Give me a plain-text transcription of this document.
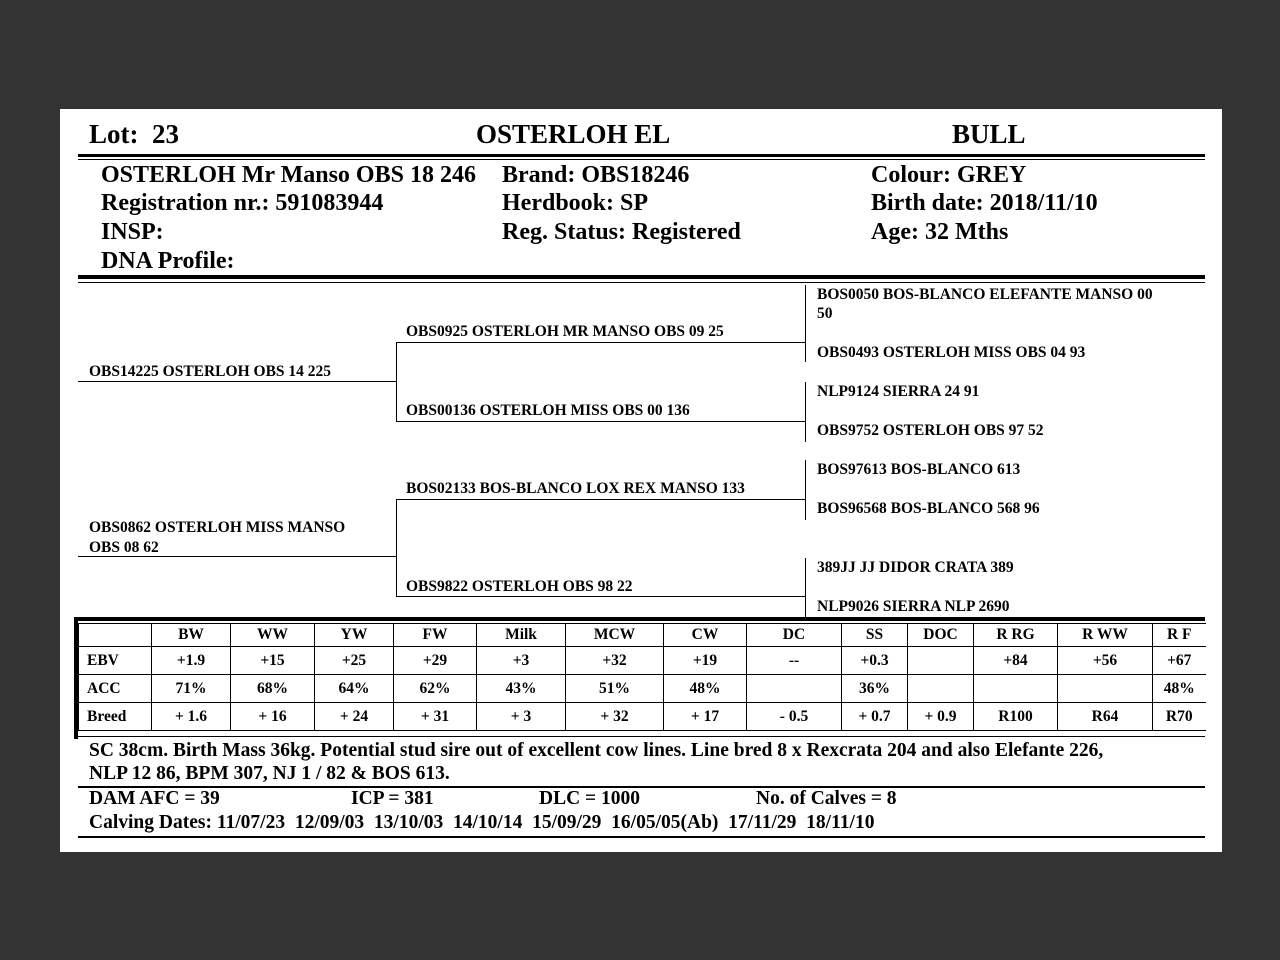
Lot: 23	OSTERLOH EL	BULL
OSTERLOH Mr Manso OBS 18 246
Registration nr.: 591083944
INSP:
DNA Profile:
Brand: OBS18246
Herdbook: SP
Reg. Status: Registered
Colour: GREY
Birth date: 2018/11/10
Age: 32 Mths
OBS14225 OSTERLOH OBS 14 225
OBS0862 OSTERLOH MISS MANSO
OBS 08 62
OBS0925 OSTERLOH MR MANSO OBS 09 25
OBS00136 OSTERLOH MISS OBS 00 136
BOS02133 BOS-BLANCO LOX REX MANSO 133
OBS9822 OSTERLOH OBS 98 22
BOS0050 BOS-BLANCO ELEFANTE MANSO 00
50
OBS0493 OSTERLOH MISS OBS 04 93
NLP9124 SIERRA 24 91
OBS9752 OSTERLOH OBS 97 52
BOS97613 BOS-BLANCO 613
BOS96568 BOS-BLANCO 568 96
389JJ JJ DIDOR CRATA 389
NLP9026 SIERRA NLP 2690
	BW	WW	YW	FW	Milk	MCW	CW	DC	SS	DOC	R RG	R WW	R F
EBV	+1.9	+15	+25	+29	+3	+32	+19	--	+0.3		+84	+56	+67
ACC	71%	68%	64%	62%	43%	51%	48%		36%				48%
Breed	+ 1.6	+ 16	+ 24	+ 31	+ 3	+ 32	+ 17	- 0.5	+ 0.7	+ 0.9	R100	R64	R70
SC 38cm. Birth Mass 36kg. Potential stud sire out of excellent cow lines. Line bred 8 x Rexcrata 204 and also Elefante 226,
NLP 12 86, BPM 307, NJ 1 / 82 & BOS 613.
DAM AFC = 39	ICP = 381	DLC = 1000	No. of Calves = 8
Calving Dates: 11/07/23  12/09/03  13/10/03  14/10/14  15/09/29  16/05/05(Ab)  17/11/29  18/11/10
